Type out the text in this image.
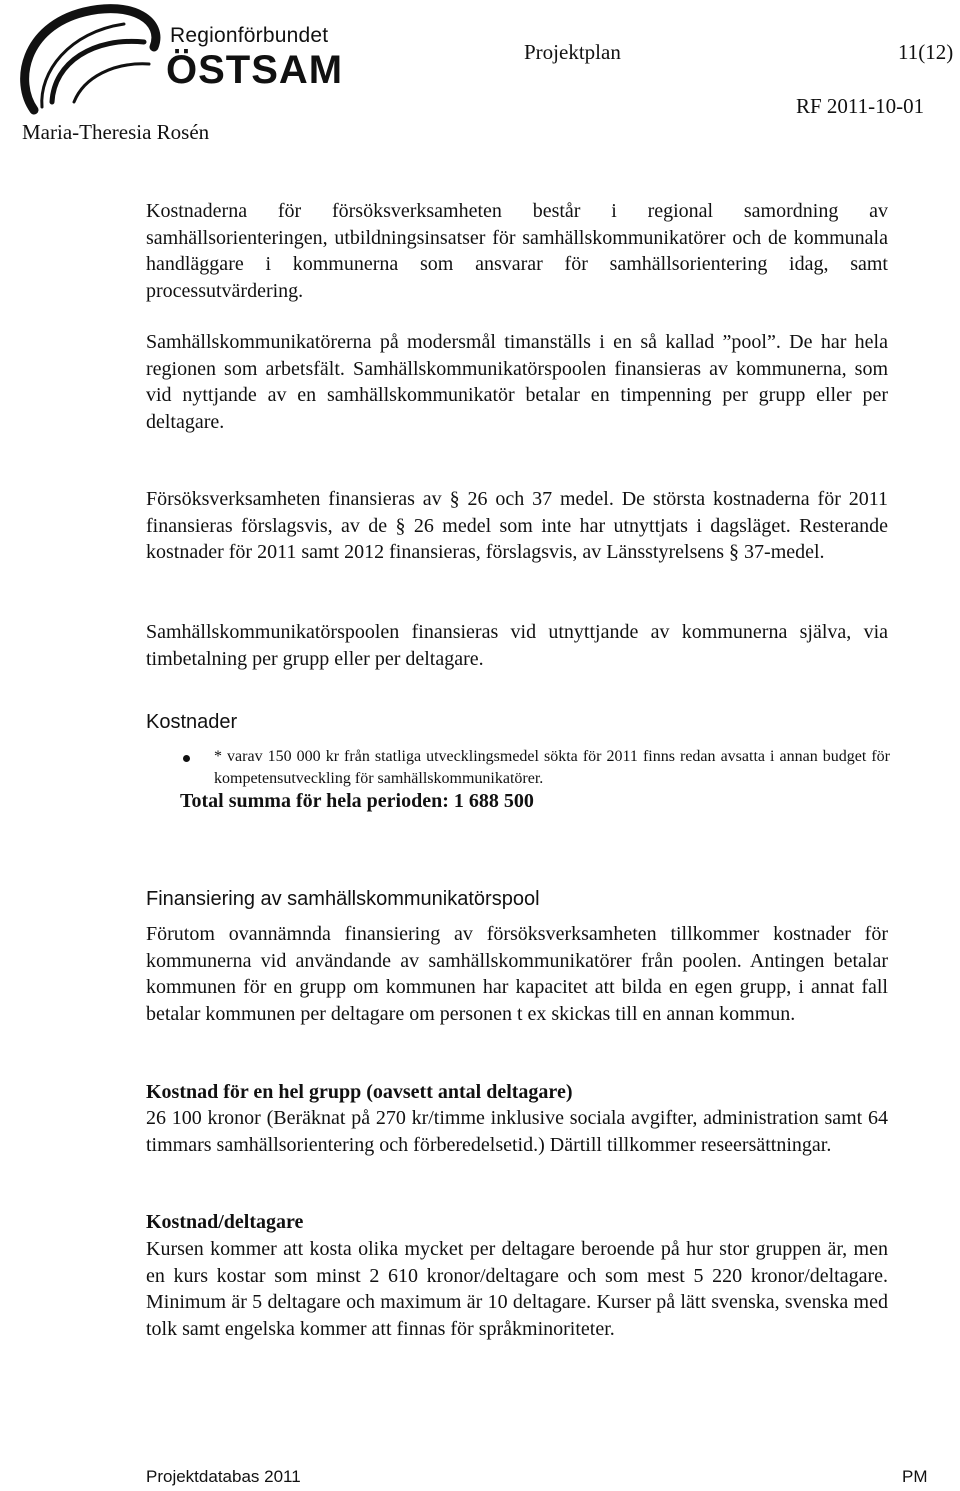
Regionförbundet
ÖSTSAM	Projektplan	11(12)
RF 2011-10-01
Maria-Theresia Rosén

Kostnaderna för försöksverksamheten består i regional samordning av samhällsorienteringen, utbildningsinsatser för samhällskommunikatörer och de kommunala handläggare i kommunerna som ansvarar för samhällsorientering idag, samt processutvärdering.

Samhällskommunikatörerna på modersmål timanställs i en så kallad ”pool”. De har hela regionen som arbetsfält. Samhällskommunikatörspoolen finansieras av kommunerna, som vid nyttjande av en samhällskommunikatör betalar en timpenning per grupp eller per deltagare.

Försöksverksamheten finansieras av § 26 och 37 medel. De största kostnaderna för 2011 finansieras förslagsvis, av de § 26 medel som inte har utnyttjats i dagsläget. Resterande kostnader för 2011 samt 2012 finansieras, förslagsvis, av Länsstyrelsens § 37-medel.

Samhällskommunikatörspoolen finansieras vid utnyttjande av kommunerna själva, via timbetalning per grupp eller per deltagare.

Kostnader

* varav 150 000 kr från statliga utvecklingsmedel sökta för 2011 finns redan avsatta i annan budget för kompetensutveckling för samhällskommunikatörer.

Total summa för hela perioden: 1 688 500

Finansiering av samhällskommunikatörspool

Förutom ovannämnda finansiering av försöksverksamheten tillkommer kostnader för kommunerna vid användande av samhällskommunikatörer från poolen. Antingen betalar kommunen för en grupp om kommunen har kapacitet att bilda en egen grupp, i annat fall betalar kommunen per deltagare om personen t ex skickas till en annan kommun.

Kostnad för en hel grupp (oavsett antal deltagare)

26 100 kronor (Beräknat på 270 kr/timme inklusive sociala avgifter, administration samt 64 timmars samhällsorientering och förberedelsetid.) Därtill tillkommer reseersättningar.

Kostnad/deltagare

Kursen kommer att kosta olika mycket per deltagare beroende på hur stor gruppen är, men en kurs kostar som minst 2 610 kronor/deltagare och som mest 5 220 kronor/deltagare. Minimum är 5 deltagare och maximum är 10 deltagare. Kurser på lätt svenska, svenska med tolk samt engelska kommer att finnas för språkminoriteter.

Projektdatabas 2011	PM
